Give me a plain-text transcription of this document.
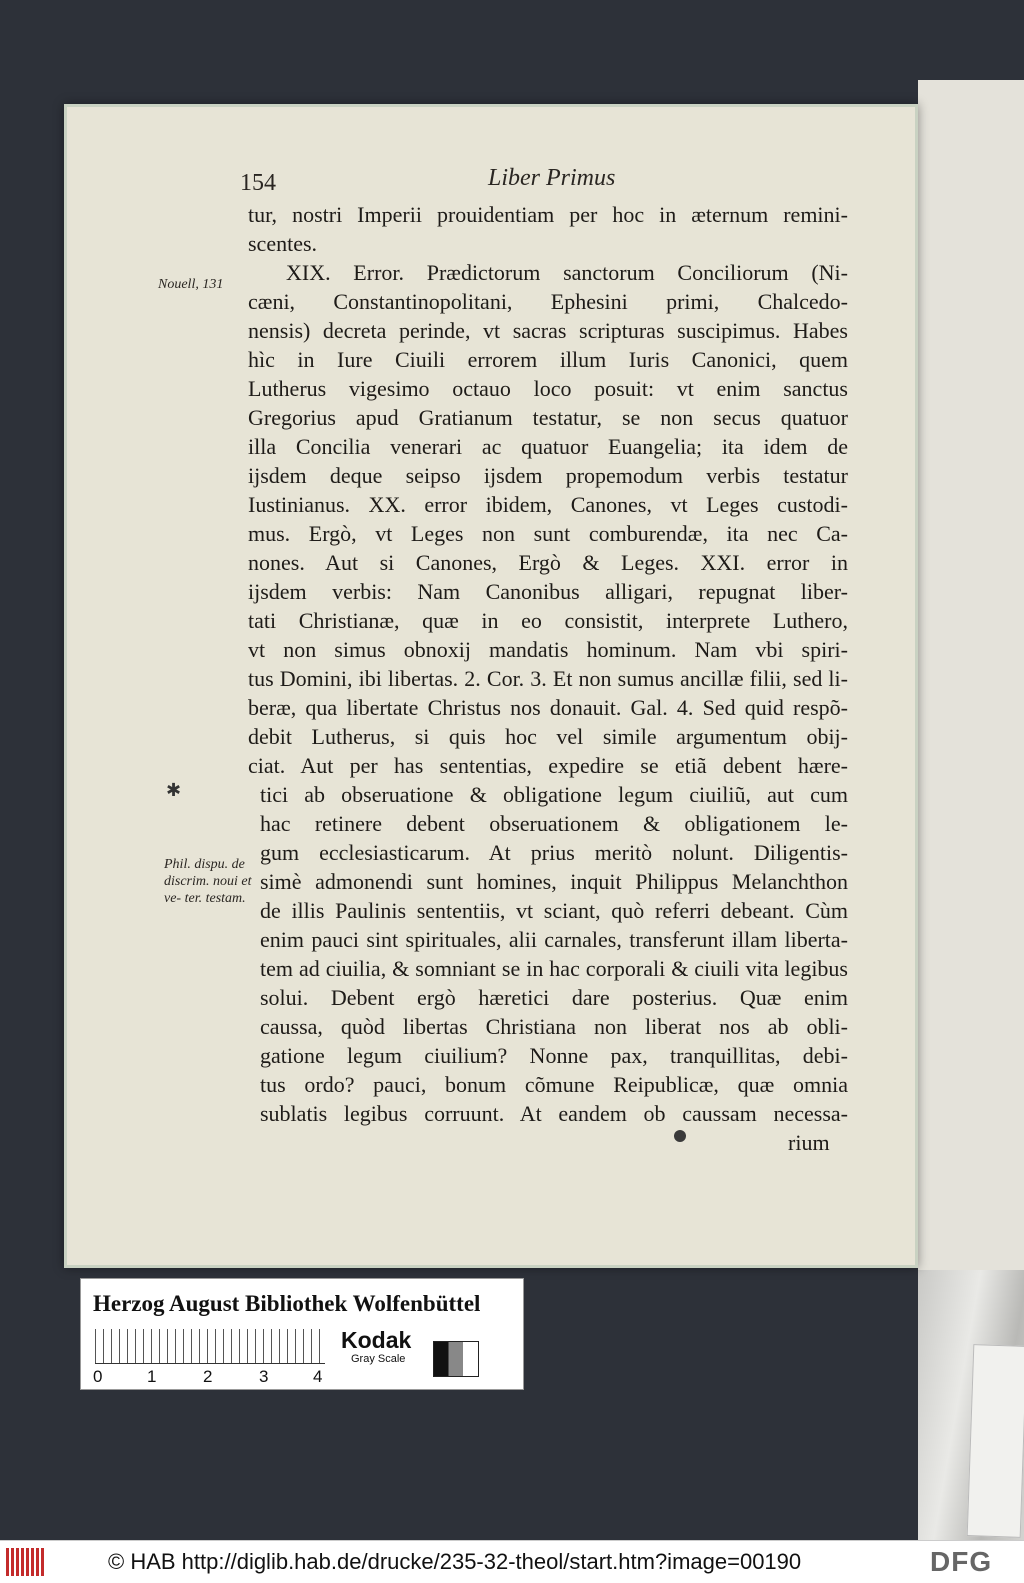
154	Liber Primus
Nouell, 131
Phil. dispu. de discrim. noui et ve- ter. testam.
✱
tur, nostri Imperii prouidentiam per hoc in æternum remini-
scentes.
XIX. Error. Prædictorum sanctorum Conciliorum (Ni-
cæni, Constantinopolitani, Ephesini primi, Chalcedo-
nensis) decreta perinde, vt sacras scripturas suscipimus. Habes
hìc in Iure Ciuili errorem illum Iuris Canonici, quem
Lutherus vigesimo octauo loco posuit: vt enim sanctus
Gregorius apud Gratianum testatur, se non secus quatuor
illa Concilia venerari ac quatuor Euangelia; ita idem de
ijsdem deque seipso ijsdem propemodum verbis testatur
Iustinianus. XX. error ibidem, Canones, vt Leges custodi-
mus. Ergò, vt Leges non sunt comburendæ, ita nec Ca-
nones. Aut si Canones, Ergò & Leges. XXI. error in
ijsdem verbis: Nam Canonibus alligari, repugnat liber-
tati Christianæ, quæ in eo consistit, interprete Luthero,
vt non simus obnoxij mandatis hominum. Nam vbi spiri-
tus Domini, ibi libertas. 2. Cor. 3. Et non sumus ancillæ filii, sed li-
beræ, qua libertate Christus nos donauit. Gal. 4. Sed quid respõ-
debit Lutherus, si quis hoc vel simile argumentum obij-
ciat. Aut per has sententias, expedire se etiã debent hære-
tici ab obseruatione & obligatione legum ciuiliũ, aut cum
hac retinere debent obseruationem & obligationem le-
gum ecclesiasticarum. At prius meritò nolunt. Diligentis-
simè admonendi sunt homines, inquit Philippus Melanchthon
de illis Paulinis sententiis, vt sciant, quò referri debeant. Cùm
enim pauci sint spirituales, alii carnales, transferunt illam liberta-
tem ad ciuilia, & somniant se in hac corporali & ciuili vita legibus
solui. Debent ergò hæretici dare posterius. Quæ enim
caussa, quòd libertas Christiana non liberat nos ab obli-
gatione legum ciuilium? Nonne pax, tranquillitas, debi-
tus ordo? pauci, bonum cõmune Reipublicæ, quæ omnia
sublatis legibus corruunt. At eandem ob caussam necessa-
rium
Herzog August Bibliothek Wolfenbüttel
0	1	2	3	4
Kodak
Gray Scale
© HAB http://diglib.hab.de/drucke/235-32-theol/start.htm?image=00190	DFG
